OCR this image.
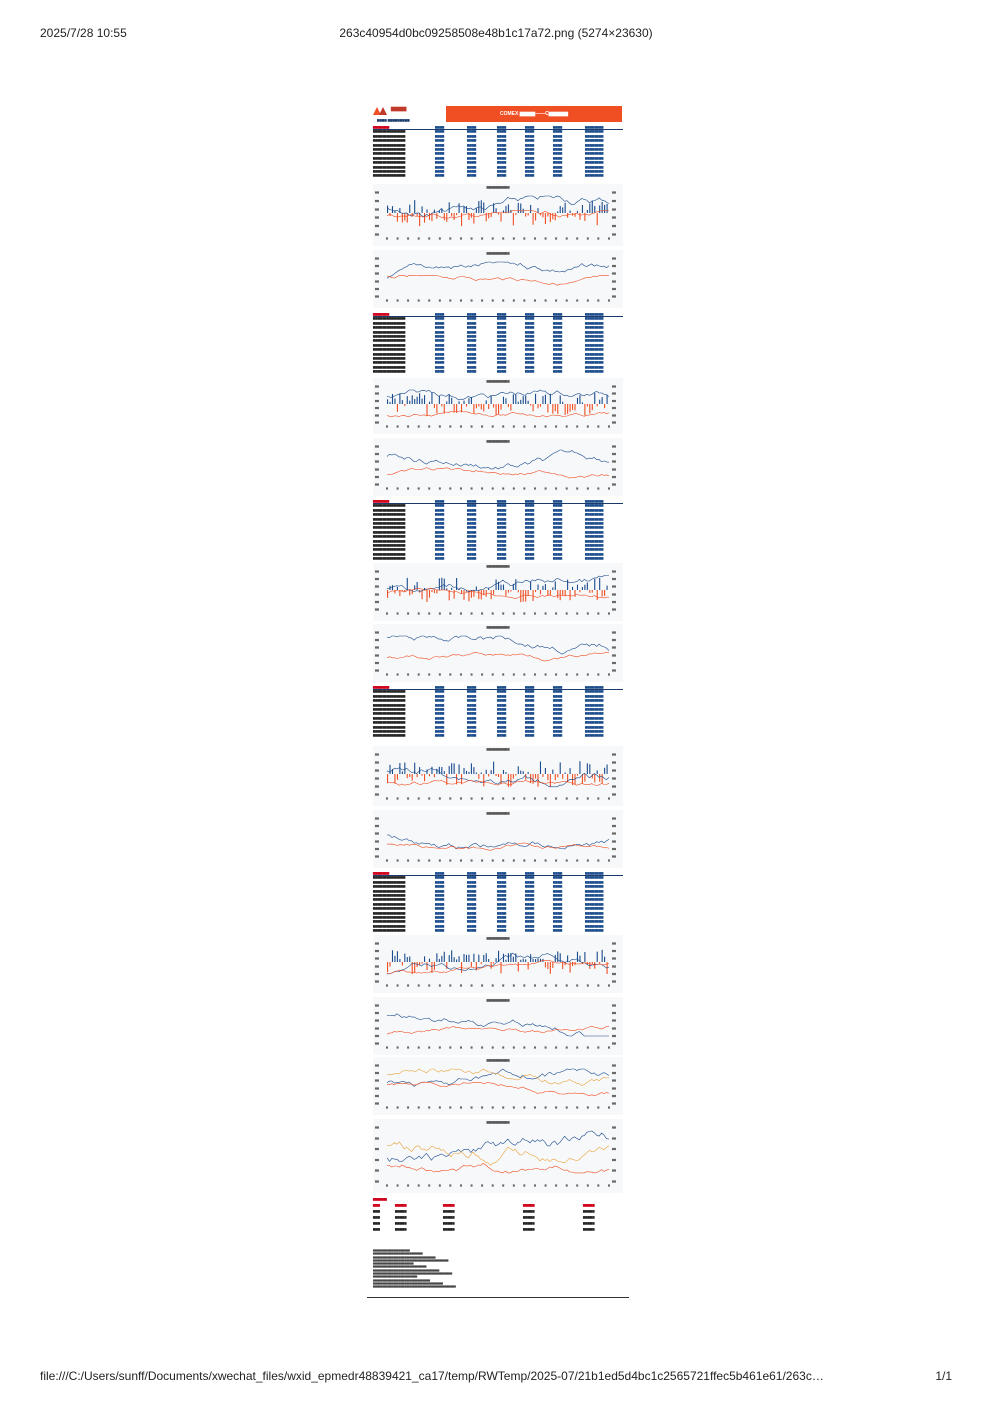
2025/7/28 10:55	263c40954d0bc09258508e48b1c17a72.png (5274×23630)
▆▆▆▆
▆▆▆▆ ▆▆▆▆▆▆▆▆▆
COMEX ▆▆▆▆——C▆▆▆▆▆
▆▆▆▆▆▆▆	▆▆▆▆	▆▆▆▆	▆▆▆▆	▆▆▆▆	▆▆▆▆	▆▆▆▆▆▆▆▆
▆▆▆▆▆▆▆▆▆▆▆▆▆▆	▆▆▆▆	▆▆▆▆	▆▆▆▆	▆▆▆▆	▆▆▆▆	▆▆▆▆▆▆▆▆
▆▆▆▆▆▆▆▆▆▆▆▆▆▆	▆▆▆▆	▆▆▆▆	▆▆▆▆	▆▆▆▆	▆▆▆▆	▆▆▆▆▆▆▆▆
▆▆▆▆▆▆▆▆▆▆▆▆▆▆	▆▆▆▆	▆▆▆▆	▆▆▆▆	▆▆▆▆	▆▆▆▆	▆▆▆▆▆▆▆▆
▆▆▆▆▆▆▆▆▆▆▆▆▆▆	▆▆▆▆	▆▆▆▆	▆▆▆▆	▆▆▆▆	▆▆▆▆	▆▆▆▆▆▆▆▆
▆▆▆▆▆▆▆▆▆▆▆▆▆▆	▆▆▆▆	▆▆▆▆	▆▆▆▆	▆▆▆▆	▆▆▆▆	▆▆▆▆▆▆▆▆
▆▆▆▆▆▆▆▆▆▆▆▆▆▆	▆▆▆▆	▆▆▆▆	▆▆▆▆	▆▆▆▆	▆▆▆▆	▆▆▆▆▆▆▆▆
▆▆▆▆▆▆▆▆▆▆▆▆▆▆	▆▆▆▆	▆▆▆▆	▆▆▆▆	▆▆▆▆	▆▆▆▆	▆▆▆▆▆▆▆▆
▆▆▆▆▆▆▆▆▆▆▆▆▆▆	▆▆▆▆	▆▆▆▆	▆▆▆▆	▆▆▆▆	▆▆▆▆	▆▆▆▆▆▆▆▆
▆▆▆▆▆▆▆▆▆▆▆▆▆▆	▆▆▆▆	▆▆▆▆	▆▆▆▆	▆▆▆▆	▆▆▆▆	▆▆▆▆▆▆▆▆
▆▆▆▆▆▆▆▆▆▆▆▆▆▆	▆▆▆▆	▆▆▆▆	▆▆▆▆	▆▆▆▆	▆▆▆▆	▆▆▆▆▆▆▆▆
▆▆▆▆▆▆▆▆▆▆▆▆▆▆	▆▆▆▆	▆▆▆▆	▆▆▆▆	▆▆▆▆	▆▆▆▆	▆▆▆▆▆▆▆▆
▆▆▆▆▆▆▆▆▆▆
▆▆	▆▆
▆▆	▆▆
▆▆	▆▆
▆▆	▆▆
▆▆	▆▆
▆▆	▆▆
▆	▆	▆	▆	▆	▆	▆	▆	▆	▆	▆	▆	▆	▆	▆	▆	▆	▆	▆	▆	▆	▆
▆▆▆▆▆▆▆▆▆▆
▆▆	▆▆
▆▆	▆▆
▆▆	▆▆
▆▆	▆▆
▆▆	▆▆
▆▆	▆▆
▆	▆	▆	▆	▆	▆	▆	▆	▆	▆	▆	▆	▆	▆	▆	▆	▆	▆	▆	▆	▆	▆
▆▆▆▆▆▆▆	▆▆▆▆	▆▆▆▆	▆▆▆▆	▆▆▆▆	▆▆▆▆	▆▆▆▆▆▆▆▆
▆▆▆▆▆▆▆▆▆▆▆▆▆▆	▆▆▆▆	▆▆▆▆	▆▆▆▆	▆▆▆▆	▆▆▆▆	▆▆▆▆▆▆▆▆
▆▆▆▆▆▆▆▆▆▆▆▆▆▆	▆▆▆▆	▆▆▆▆	▆▆▆▆	▆▆▆▆	▆▆▆▆	▆▆▆▆▆▆▆▆
▆▆▆▆▆▆▆▆▆▆▆▆▆▆	▆▆▆▆	▆▆▆▆	▆▆▆▆	▆▆▆▆	▆▆▆▆	▆▆▆▆▆▆▆▆
▆▆▆▆▆▆▆▆▆▆▆▆▆▆	▆▆▆▆	▆▆▆▆	▆▆▆▆	▆▆▆▆	▆▆▆▆	▆▆▆▆▆▆▆▆
▆▆▆▆▆▆▆▆▆▆▆▆▆▆	▆▆▆▆	▆▆▆▆	▆▆▆▆	▆▆▆▆	▆▆▆▆	▆▆▆▆▆▆▆▆
▆▆▆▆▆▆▆▆▆▆▆▆▆▆	▆▆▆▆	▆▆▆▆	▆▆▆▆	▆▆▆▆	▆▆▆▆	▆▆▆▆▆▆▆▆
▆▆▆▆▆▆▆▆▆▆▆▆▆▆	▆▆▆▆	▆▆▆▆	▆▆▆▆	▆▆▆▆	▆▆▆▆	▆▆▆▆▆▆▆▆
▆▆▆▆▆▆▆▆▆▆▆▆▆▆	▆▆▆▆	▆▆▆▆	▆▆▆▆	▆▆▆▆	▆▆▆▆	▆▆▆▆▆▆▆▆
▆▆▆▆▆▆▆▆▆▆▆▆▆▆	▆▆▆▆	▆▆▆▆	▆▆▆▆	▆▆▆▆	▆▆▆▆	▆▆▆▆▆▆▆▆
▆▆▆▆▆▆▆▆▆▆▆▆▆▆	▆▆▆▆	▆▆▆▆	▆▆▆▆	▆▆▆▆	▆▆▆▆	▆▆▆▆▆▆▆▆
▆▆▆▆▆▆▆▆▆▆▆▆▆▆	▆▆▆▆	▆▆▆▆	▆▆▆▆	▆▆▆▆	▆▆▆▆	▆▆▆▆▆▆▆▆
▆▆▆▆▆▆▆▆▆▆▆▆▆▆	▆▆▆▆	▆▆▆▆	▆▆▆▆	▆▆▆▆	▆▆▆▆	▆▆▆▆▆▆▆▆
▆▆▆▆▆▆▆▆▆▆▆▆▆▆	▆▆▆▆	▆▆▆▆	▆▆▆▆	▆▆▆▆	▆▆▆▆	▆▆▆▆▆▆▆▆
▆▆▆▆▆▆▆▆▆▆
▆▆	▆▆
▆▆	▆▆
▆▆	▆▆
▆▆	▆▆
▆▆	▆▆
▆▆	▆▆
▆	▆	▆	▆	▆	▆	▆	▆	▆	▆	▆	▆	▆	▆	▆	▆	▆	▆	▆	▆	▆	▆
▆▆▆▆▆▆▆▆▆▆
▆▆	▆▆
▆▆	▆▆
▆▆	▆▆
▆▆	▆▆
▆▆	▆▆
▆▆	▆▆
▆	▆	▆	▆	▆	▆	▆	▆	▆	▆	▆	▆	▆	▆	▆	▆	▆	▆	▆	▆	▆	▆
▆▆▆▆▆▆▆	▆▆▆▆	▆▆▆▆	▆▆▆▆	▆▆▆▆	▆▆▆▆	▆▆▆▆▆▆▆▆
▆▆▆▆▆▆▆▆▆▆▆▆▆▆	▆▆▆▆	▆▆▆▆	▆▆▆▆	▆▆▆▆	▆▆▆▆	▆▆▆▆▆▆▆▆
▆▆▆▆▆▆▆▆▆▆▆▆▆▆	▆▆▆▆	▆▆▆▆	▆▆▆▆	▆▆▆▆	▆▆▆▆	▆▆▆▆▆▆▆▆
▆▆▆▆▆▆▆▆▆▆▆▆▆▆	▆▆▆▆	▆▆▆▆	▆▆▆▆	▆▆▆▆	▆▆▆▆	▆▆▆▆▆▆▆▆
▆▆▆▆▆▆▆▆▆▆▆▆▆▆	▆▆▆▆	▆▆▆▆	▆▆▆▆	▆▆▆▆	▆▆▆▆	▆▆▆▆▆▆▆▆
▆▆▆▆▆▆▆▆▆▆▆▆▆▆	▆▆▆▆	▆▆▆▆	▆▆▆▆	▆▆▆▆	▆▆▆▆	▆▆▆▆▆▆▆▆
▆▆▆▆▆▆▆▆▆▆▆▆▆▆	▆▆▆▆	▆▆▆▆	▆▆▆▆	▆▆▆▆	▆▆▆▆	▆▆▆▆▆▆▆▆
▆▆▆▆▆▆▆▆▆▆▆▆▆▆	▆▆▆▆	▆▆▆▆	▆▆▆▆	▆▆▆▆	▆▆▆▆	▆▆▆▆▆▆▆▆
▆▆▆▆▆▆▆▆▆▆▆▆▆▆	▆▆▆▆	▆▆▆▆	▆▆▆▆	▆▆▆▆	▆▆▆▆	▆▆▆▆▆▆▆▆
▆▆▆▆▆▆▆▆▆▆▆▆▆▆	▆▆▆▆	▆▆▆▆	▆▆▆▆	▆▆▆▆	▆▆▆▆	▆▆▆▆▆▆▆▆
▆▆▆▆▆▆▆▆▆▆▆▆▆▆	▆▆▆▆	▆▆▆▆	▆▆▆▆	▆▆▆▆	▆▆▆▆	▆▆▆▆▆▆▆▆
▆▆▆▆▆▆▆▆▆▆▆▆▆▆	▆▆▆▆	▆▆▆▆	▆▆▆▆	▆▆▆▆	▆▆▆▆	▆▆▆▆▆▆▆▆
▆▆▆▆▆▆▆▆▆▆▆▆▆▆	▆▆▆▆	▆▆▆▆	▆▆▆▆	▆▆▆▆	▆▆▆▆	▆▆▆▆▆▆▆▆
▆▆▆▆▆▆▆▆▆▆▆▆▆▆	▆▆▆▆	▆▆▆▆	▆▆▆▆	▆▆▆▆	▆▆▆▆	▆▆▆▆▆▆▆▆
▆▆▆▆▆▆▆▆▆▆
▆▆	▆▆
▆▆	▆▆
▆▆	▆▆
▆▆	▆▆
▆▆	▆▆
▆▆	▆▆
▆	▆	▆	▆	▆	▆	▆	▆	▆	▆	▆	▆	▆	▆	▆	▆	▆	▆	▆	▆	▆	▆
▆▆▆▆▆▆▆▆▆▆
▆▆	▆▆
▆▆	▆▆
▆▆	▆▆
▆▆	▆▆
▆▆	▆▆
▆▆	▆▆
▆	▆	▆	▆	▆	▆	▆	▆	▆	▆	▆	▆	▆	▆	▆	▆	▆	▆	▆	▆	▆	▆
▆▆▆▆▆▆▆	▆▆▆▆	▆▆▆▆	▆▆▆▆	▆▆▆▆	▆▆▆▆	▆▆▆▆▆▆▆▆
▆▆▆▆▆▆▆▆▆▆▆▆▆▆	▆▆▆▆	▆▆▆▆	▆▆▆▆	▆▆▆▆	▆▆▆▆	▆▆▆▆▆▆▆▆
▆▆▆▆▆▆▆▆▆▆▆▆▆▆	▆▆▆▆	▆▆▆▆	▆▆▆▆	▆▆▆▆	▆▆▆▆	▆▆▆▆▆▆▆▆
▆▆▆▆▆▆▆▆▆▆▆▆▆▆	▆▆▆▆	▆▆▆▆	▆▆▆▆	▆▆▆▆	▆▆▆▆	▆▆▆▆▆▆▆▆
▆▆▆▆▆▆▆▆▆▆▆▆▆▆	▆▆▆▆	▆▆▆▆	▆▆▆▆	▆▆▆▆	▆▆▆▆	▆▆▆▆▆▆▆▆
▆▆▆▆▆▆▆▆▆▆▆▆▆▆	▆▆▆▆	▆▆▆▆	▆▆▆▆	▆▆▆▆	▆▆▆▆	▆▆▆▆▆▆▆▆
▆▆▆▆▆▆▆▆▆▆▆▆▆▆	▆▆▆▆	▆▆▆▆	▆▆▆▆	▆▆▆▆	▆▆▆▆	▆▆▆▆▆▆▆▆
▆▆▆▆▆▆▆▆▆▆▆▆▆▆	▆▆▆▆	▆▆▆▆	▆▆▆▆	▆▆▆▆	▆▆▆▆	▆▆▆▆▆▆▆▆
▆▆▆▆▆▆▆▆▆▆▆▆▆▆	▆▆▆▆	▆▆▆▆	▆▆▆▆	▆▆▆▆	▆▆▆▆	▆▆▆▆▆▆▆▆
▆▆▆▆▆▆▆▆▆▆▆▆▆▆	▆▆▆▆	▆▆▆▆	▆▆▆▆	▆▆▆▆	▆▆▆▆	▆▆▆▆▆▆▆▆
▆▆▆▆▆▆▆▆▆▆▆▆▆▆	▆▆▆▆	▆▆▆▆	▆▆▆▆	▆▆▆▆	▆▆▆▆	▆▆▆▆▆▆▆▆
▆▆▆▆▆▆▆▆▆▆▆▆▆▆	▆▆▆▆	▆▆▆▆	▆▆▆▆	▆▆▆▆	▆▆▆▆	▆▆▆▆▆▆▆▆
▆▆▆▆▆▆▆▆▆▆
▆▆	▆▆
▆▆	▆▆
▆▆	▆▆
▆▆	▆▆
▆▆	▆▆
▆▆	▆▆
▆	▆	▆	▆	▆	▆	▆	▆	▆	▆	▆	▆	▆	▆	▆	▆	▆	▆	▆	▆	▆	▆
▆▆▆▆▆▆▆▆▆▆
▆▆	▆▆
▆▆	▆▆
▆▆	▆▆
▆▆	▆▆
▆▆	▆▆
▆▆	▆▆
▆	▆	▆	▆	▆	▆	▆	▆	▆	▆	▆	▆	▆	▆	▆	▆	▆	▆	▆	▆	▆	▆
▆▆▆▆▆▆▆	▆▆▆▆	▆▆▆▆	▆▆▆▆	▆▆▆▆	▆▆▆▆	▆▆▆▆▆▆▆▆
▆▆▆▆▆▆▆▆▆▆▆▆▆▆	▆▆▆▆	▆▆▆▆	▆▆▆▆	▆▆▆▆	▆▆▆▆	▆▆▆▆▆▆▆▆
▆▆▆▆▆▆▆▆▆▆▆▆▆▆	▆▆▆▆	▆▆▆▆	▆▆▆▆	▆▆▆▆	▆▆▆▆	▆▆▆▆▆▆▆▆
▆▆▆▆▆▆▆▆▆▆▆▆▆▆	▆▆▆▆	▆▆▆▆	▆▆▆▆	▆▆▆▆	▆▆▆▆	▆▆▆▆▆▆▆▆
▆▆▆▆▆▆▆▆▆▆▆▆▆▆	▆▆▆▆	▆▆▆▆	▆▆▆▆	▆▆▆▆	▆▆▆▆	▆▆▆▆▆▆▆▆
▆▆▆▆▆▆▆▆▆▆▆▆▆▆	▆▆▆▆	▆▆▆▆	▆▆▆▆	▆▆▆▆	▆▆▆▆	▆▆▆▆▆▆▆▆
▆▆▆▆▆▆▆▆▆▆▆▆▆▆	▆▆▆▆	▆▆▆▆	▆▆▆▆	▆▆▆▆	▆▆▆▆	▆▆▆▆▆▆▆▆
▆▆▆▆▆▆▆▆▆▆▆▆▆▆	▆▆▆▆	▆▆▆▆	▆▆▆▆	▆▆▆▆	▆▆▆▆	▆▆▆▆▆▆▆▆
▆▆▆▆▆▆▆▆▆▆▆▆▆▆	▆▆▆▆	▆▆▆▆	▆▆▆▆	▆▆▆▆	▆▆▆▆	▆▆▆▆▆▆▆▆
▆▆▆▆▆▆▆▆▆▆▆▆▆▆	▆▆▆▆	▆▆▆▆	▆▆▆▆	▆▆▆▆	▆▆▆▆	▆▆▆▆▆▆▆▆
▆▆▆▆▆▆▆▆▆▆▆▆▆▆	▆▆▆▆	▆▆▆▆	▆▆▆▆	▆▆▆▆	▆▆▆▆	▆▆▆▆▆▆▆▆
▆▆▆▆▆▆▆▆▆▆▆▆▆▆	▆▆▆▆	▆▆▆▆	▆▆▆▆	▆▆▆▆	▆▆▆▆	▆▆▆▆▆▆▆▆
▆▆▆▆▆▆▆▆▆▆▆▆▆▆	▆▆▆▆	▆▆▆▆	▆▆▆▆	▆▆▆▆	▆▆▆▆	▆▆▆▆▆▆▆▆
▆▆▆▆▆▆▆▆▆▆▆▆▆▆	▆▆▆▆	▆▆▆▆	▆▆▆▆	▆▆▆▆	▆▆▆▆	▆▆▆▆▆▆▆▆
▆▆▆▆▆▆▆▆▆▆
▆▆	▆▆
▆▆	▆▆
▆▆	▆▆
▆▆	▆▆
▆▆	▆▆
▆▆	▆▆
▆	▆	▆	▆	▆	▆	▆	▆	▆	▆	▆	▆	▆	▆	▆	▆	▆	▆	▆	▆	▆	▆
▆▆▆▆▆▆▆▆▆▆
▆▆	▆▆
▆▆	▆▆
▆▆	▆▆
▆▆	▆▆
▆▆	▆▆
▆▆	▆▆
▆	▆	▆	▆	▆	▆	▆	▆	▆	▆	▆	▆	▆	▆	▆	▆	▆	▆	▆	▆	▆	▆
▆▆▆▆▆▆▆▆▆▆
▆▆	▆▆
▆▆	▆▆
▆▆	▆▆
▆▆	▆▆
▆▆	▆▆
▆▆	▆▆
▆	▆	▆	▆	▆	▆	▆	▆	▆	▆	▆	▆	▆	▆	▆	▆	▆	▆	▆	▆	▆	▆
▆▆▆▆▆▆▆▆▆▆
▆▆	▆▆
▆▆	▆▆
▆▆	▆▆
▆▆	▆▆
▆▆	▆▆
▆▆	▆▆
▆	▆	▆	▆	▆	▆	▆	▆	▆	▆	▆	▆	▆	▆	▆	▆	▆	▆	▆	▆	▆	▆
▆▆▆▆▆▆
▆▆▆	▆▆▆▆▆	▆▆▆▆▆	▆▆▆▆▆	▆▆▆▆▆
▆▆▆	▆▆▆▆▆	▆▆▆▆▆	▆▆▆▆▆	▆▆▆▆▆
▆▆▆	▆▆▆▆▆	▆▆▆▆▆	▆▆▆▆▆	▆▆▆▆▆
▆▆▆	▆▆▆▆▆	▆▆▆▆▆	▆▆▆▆▆	▆▆▆▆▆
▆▆▆	▆▆▆▆▆	▆▆▆▆▆	▆▆▆▆▆	▆▆▆▆▆
▆▆▆▆▆▆▆▆▆▆▆▆▆▆▆▆▆▆▆▆
▆▆▆▆▆▆▆▆▆▆▆▆▆▆▆▆▆▆▆▆▆▆▆▆▆▆▆
▆▆▆▆▆▆▆▆▆▆▆▆▆▆▆▆▆▆▆▆▆▆▆▆▆▆▆▆▆▆▆▆▆▆
▆▆▆▆▆▆▆▆▆▆▆▆▆▆▆▆▆▆▆▆▆▆▆▆▆▆▆▆▆▆▆▆▆▆▆▆▆▆▆▆▆
▆▆▆▆▆▆▆▆▆▆▆▆▆▆▆▆▆▆▆▆▆▆
▆▆▆▆▆▆▆▆▆▆▆▆▆▆▆▆▆▆▆▆▆▆▆▆▆▆▆▆▆
▆▆▆▆▆▆▆▆▆▆▆▆▆▆▆▆▆▆▆▆▆▆▆▆▆▆▆▆▆▆▆▆▆▆▆▆
▆▆▆▆▆▆▆▆▆▆▆▆▆▆▆▆▆▆▆▆▆▆▆▆▆▆▆▆▆▆▆▆▆▆▆▆▆▆▆▆▆▆▆
▆▆▆▆▆▆▆▆▆▆▆▆▆▆▆▆▆▆▆▆▆▆▆▆
▆▆▆▆▆▆▆▆▆▆▆▆▆▆▆▆▆▆▆▆▆▆▆▆▆▆▆▆▆▆▆
▆▆▆▆▆▆▆▆▆▆▆▆▆▆▆▆▆▆▆▆▆▆▆▆▆▆▆▆▆▆▆▆▆▆▆▆▆▆
▆▆▆▆▆▆▆▆▆▆▆▆▆▆▆▆▆▆▆▆▆▆▆▆▆▆▆▆▆▆▆▆▆▆▆▆▆▆▆▆▆▆▆▆▆
file:///C:/Users/sunff/Documents/xwechat_files/wxid_epmedr48839421_ca17/temp/RWTemp/2025-07/21b1ed5d4bc1c2565721ffec5b461e61/263c…	1/1
